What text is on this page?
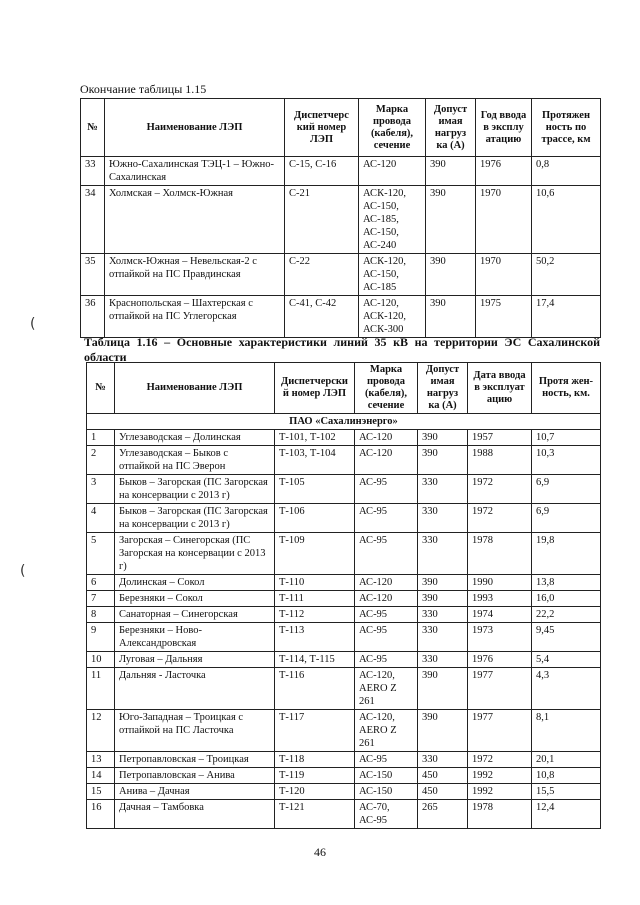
Окончание таблицы 1.15
№	Наименование ЛЭП	Диспетчерс кий номер ЛЭП	Марка провода (кабеля), сечение	Допуст имая нагруз ка (А)	Год ввода в эксплу атацию	Протяжен ность по трассе, км
33	Южно-Сахалинская ТЭЦ-1 – Южно-Сахалинская	С-15, С-16	АС-120	390	1976	0,8
34	Холмская – Холмск-Южная	С-21	АСК-120, АС-150, АС-185, АС-150, АС-240	390	1970	10,6
35	Холмск-Южная – Невельская-2 с отпайкой на ПС Правдинская	С-22	АСК-120, АС-150, АС-185	390	1970	50,2
36	Краснопольская – Шахтерская с отпайкой на ПС Углегорская	С-41, С-42	АС-120, АСК-120, АСК-300	390	1975	17,4
Таблица 1.16 – Основные характеристики линий 35 кВ на территории ЭС Сахалинской области
№	Наименование ЛЭП	Диспетчерски й номер ЛЭП	Марка провода (кабеля), сечение	Допуст имая нагруз ка (А)	Дата ввода в эксплуат ацию	Протя жен- ность, км.
ПАО «Сахалинэнерго»						
1	Углезаводская – Долинская	Т-101, Т-102	АС-120	390	1957	10,7
2	Углезаводская – Быков с отпайкой на ПС Эверон	Т-103, Т-104	АС-120	390	1988	10,3
3	Быков – Загорская (ПС Загорская на консервации с 2013 г)	Т-105	АС-95	330	1972	6,9
4	Быков – Загорская (ПС Загорская на консервации с 2013 г)	Т-106	АС-95	330	1972	6,9
5	Загорская – Синегорская (ПС Загорская на консервации с 2013 г)	Т-109	АС-95	330	1978	19,8
6	Долинская – Сокол	Т-110	АС-120	390	1990	13,8
7	Березняки – Сокол	Т-111	АС-120	390	1993	16,0
8	Санаторная – Синегорская	Т-112	АС-95	330	1974	22,2
9	Березняки – Ново-Александровская	Т-113	АС-95	330	1973	9,45
10	Луговая – Дальняя	Т-114, Т-115	АС-95	330	1976	5,4
11	Дальняя - Ласточка	Т-116	АС-120, AERO Z 261	390	1977	4,3
12	Юго-Западная – Троицкая с отпайкой на ПС Ласточка	Т-117	АС-120, AERO Z 261	390	1977	8,1
13	Петропавловская – Троицкая	Т-118	АС-95	330	1972	20,1
14	Петропавловская – Анива	Т-119	АС-150	450	1992	10,8
15	Анива – Дачная	Т-120	АС-150	450	1992	15,5
16	Дачная – Тамбовка	Т-121	АС-70, АС-95	265	1978	12,4
(
(
46
